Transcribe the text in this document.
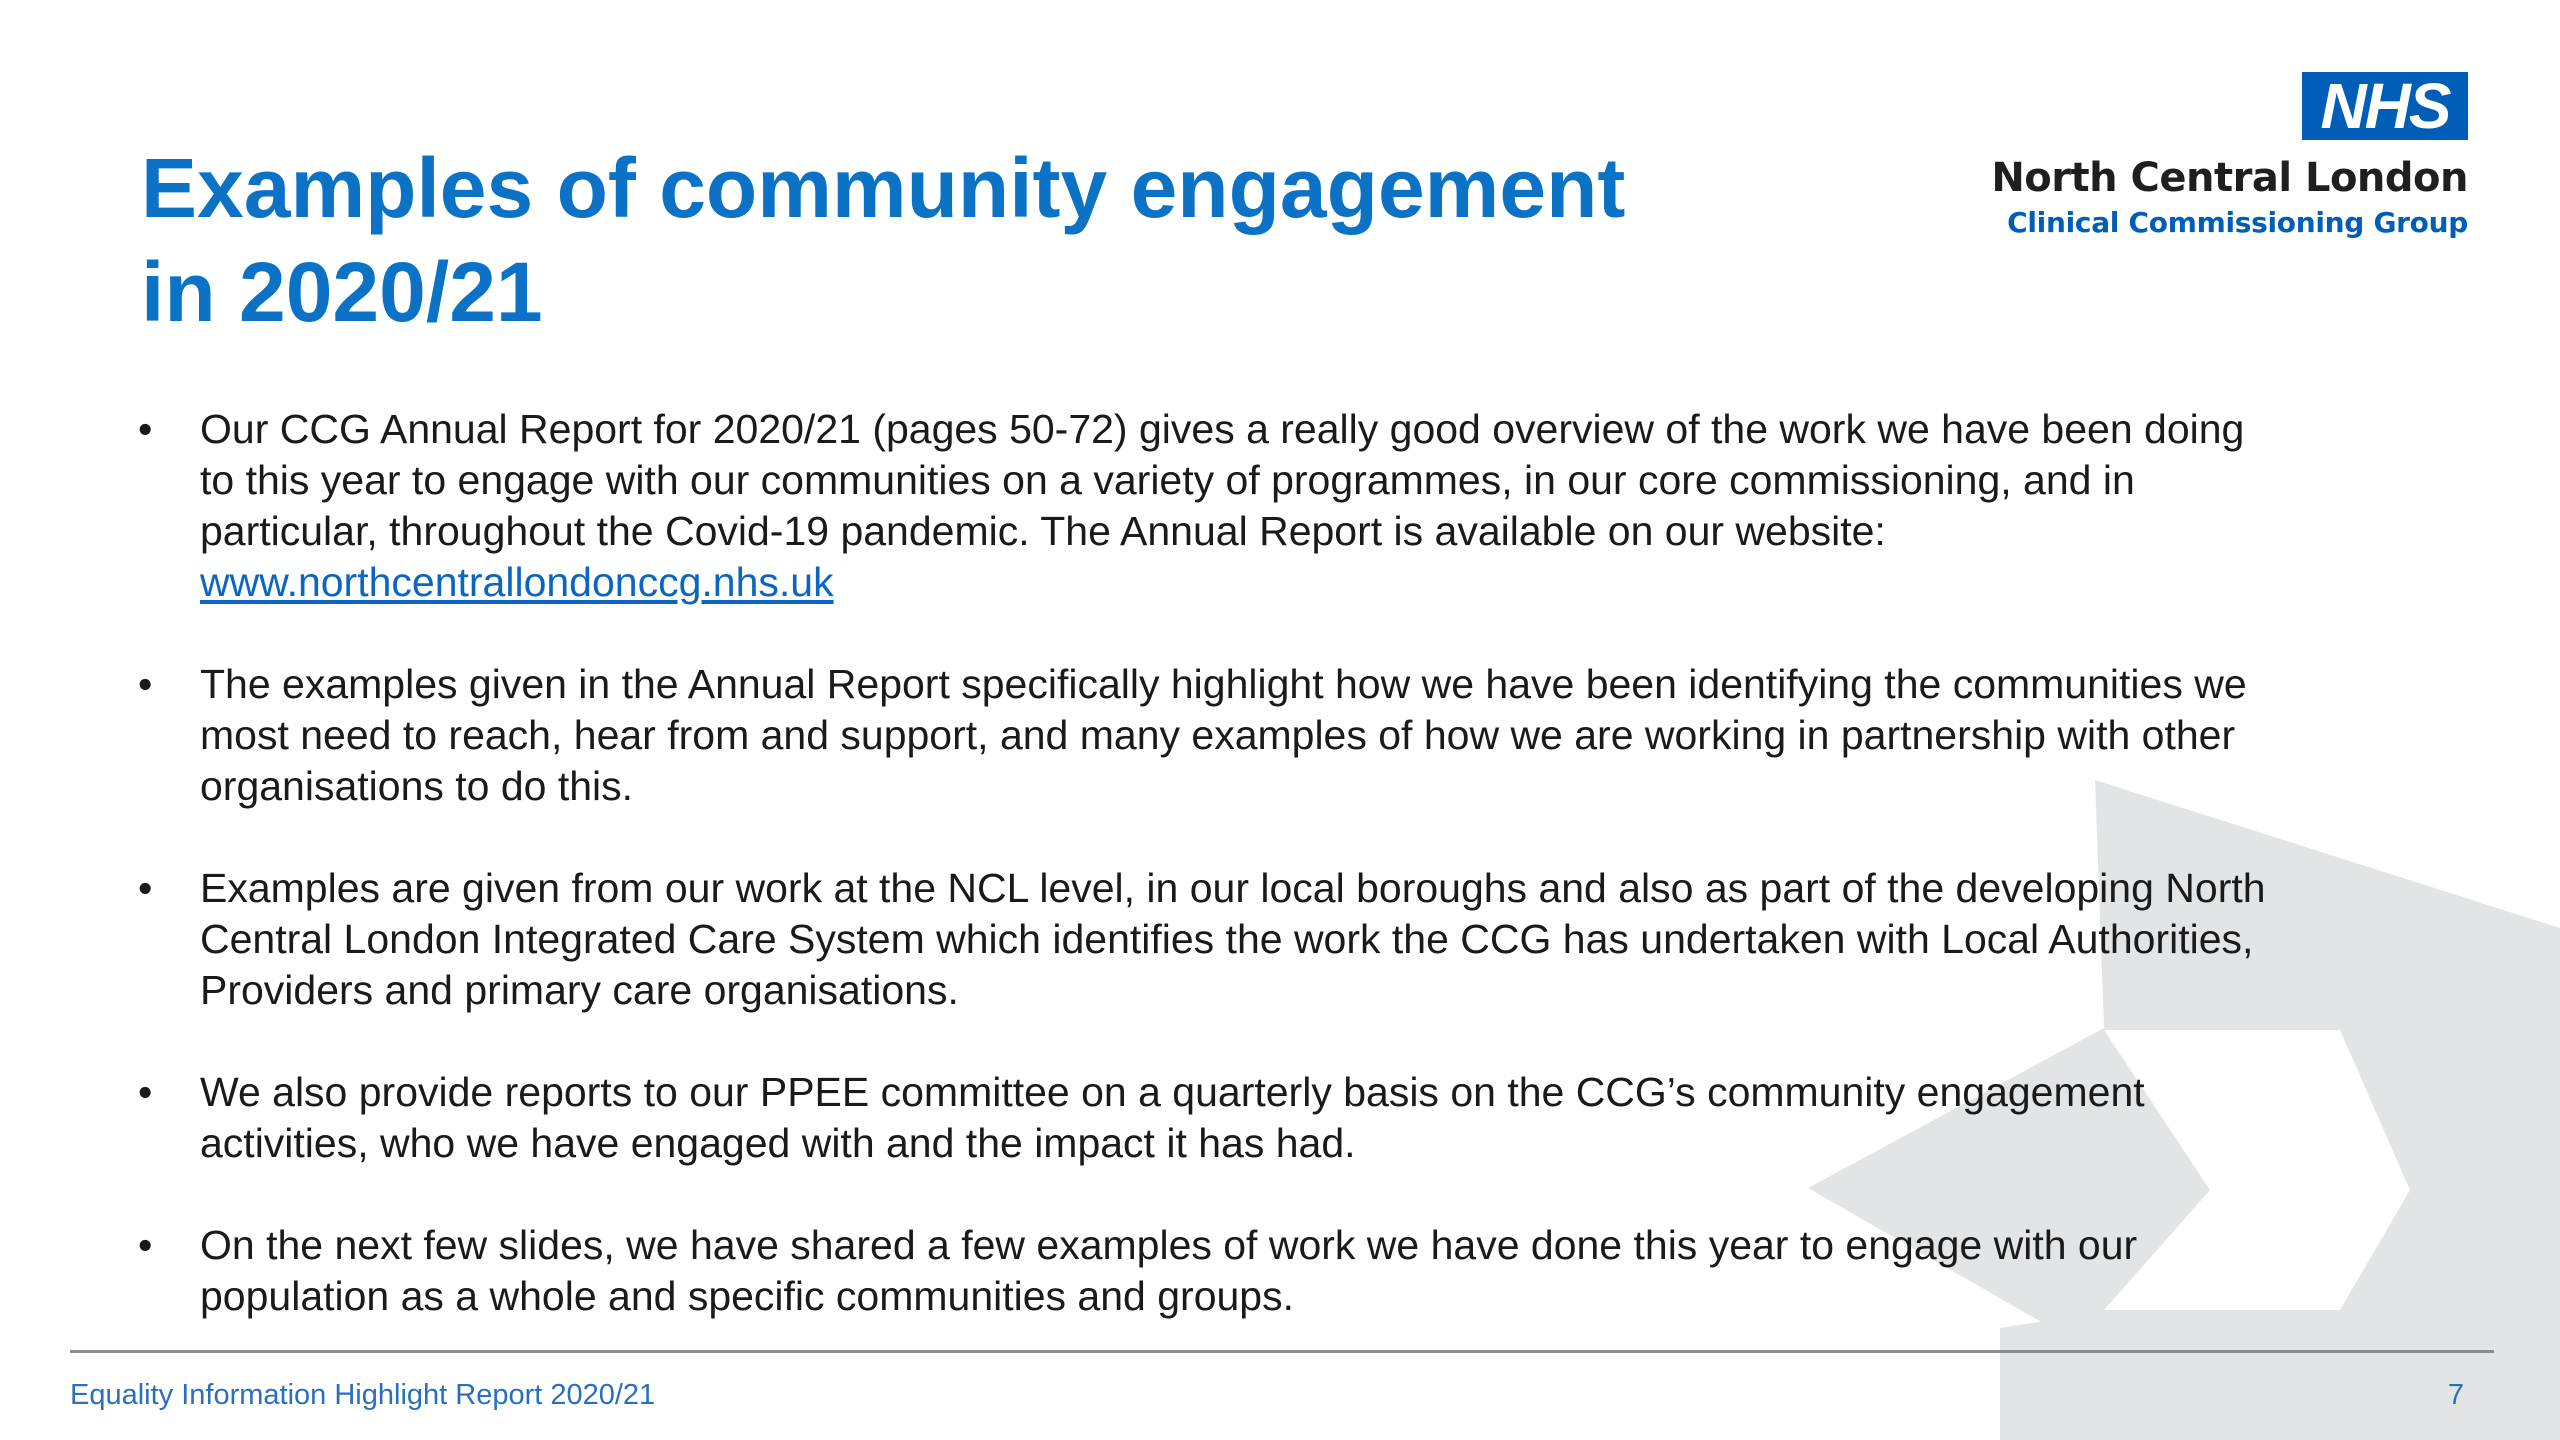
Examples of community engagement
in 2020/21
NHS
North Central London
Clinical Commissioning Group
• Our CCG Annual Report for 2020/21 (pages 50-72) gives a really good overview of the work we have been doing
to this year to engage with our communities on a variety of programmes, in our core commissioning, and in
particular, throughout the Covid-19 pandemic. The Annual Report is available on our website:
www.northcentrallondonccg.nhs.uk
• The examples given in the Annual Report specifically highlight how we have been identifying the communities we
most need to reach, hear from and support, and many examples of how we are working in partnership with other
organisations to do this.
• Examples are given from our work at the NCL level, in our local boroughs and also as part of the developing North
Central London Integrated Care System which identifies the work the CCG has undertaken with Local Authorities,
Providers and primary care organisations.
• We also provide reports to our PPEE committee on a quarterly basis on the CCG’s community engagement
activities, who we have engaged with and the impact it has had.
• On the next few slides, we have shared a few examples of work we have done this year to engage with our
population as a whole and specific communities and groups.
Equality Information Highlight Report 2020/21	7
